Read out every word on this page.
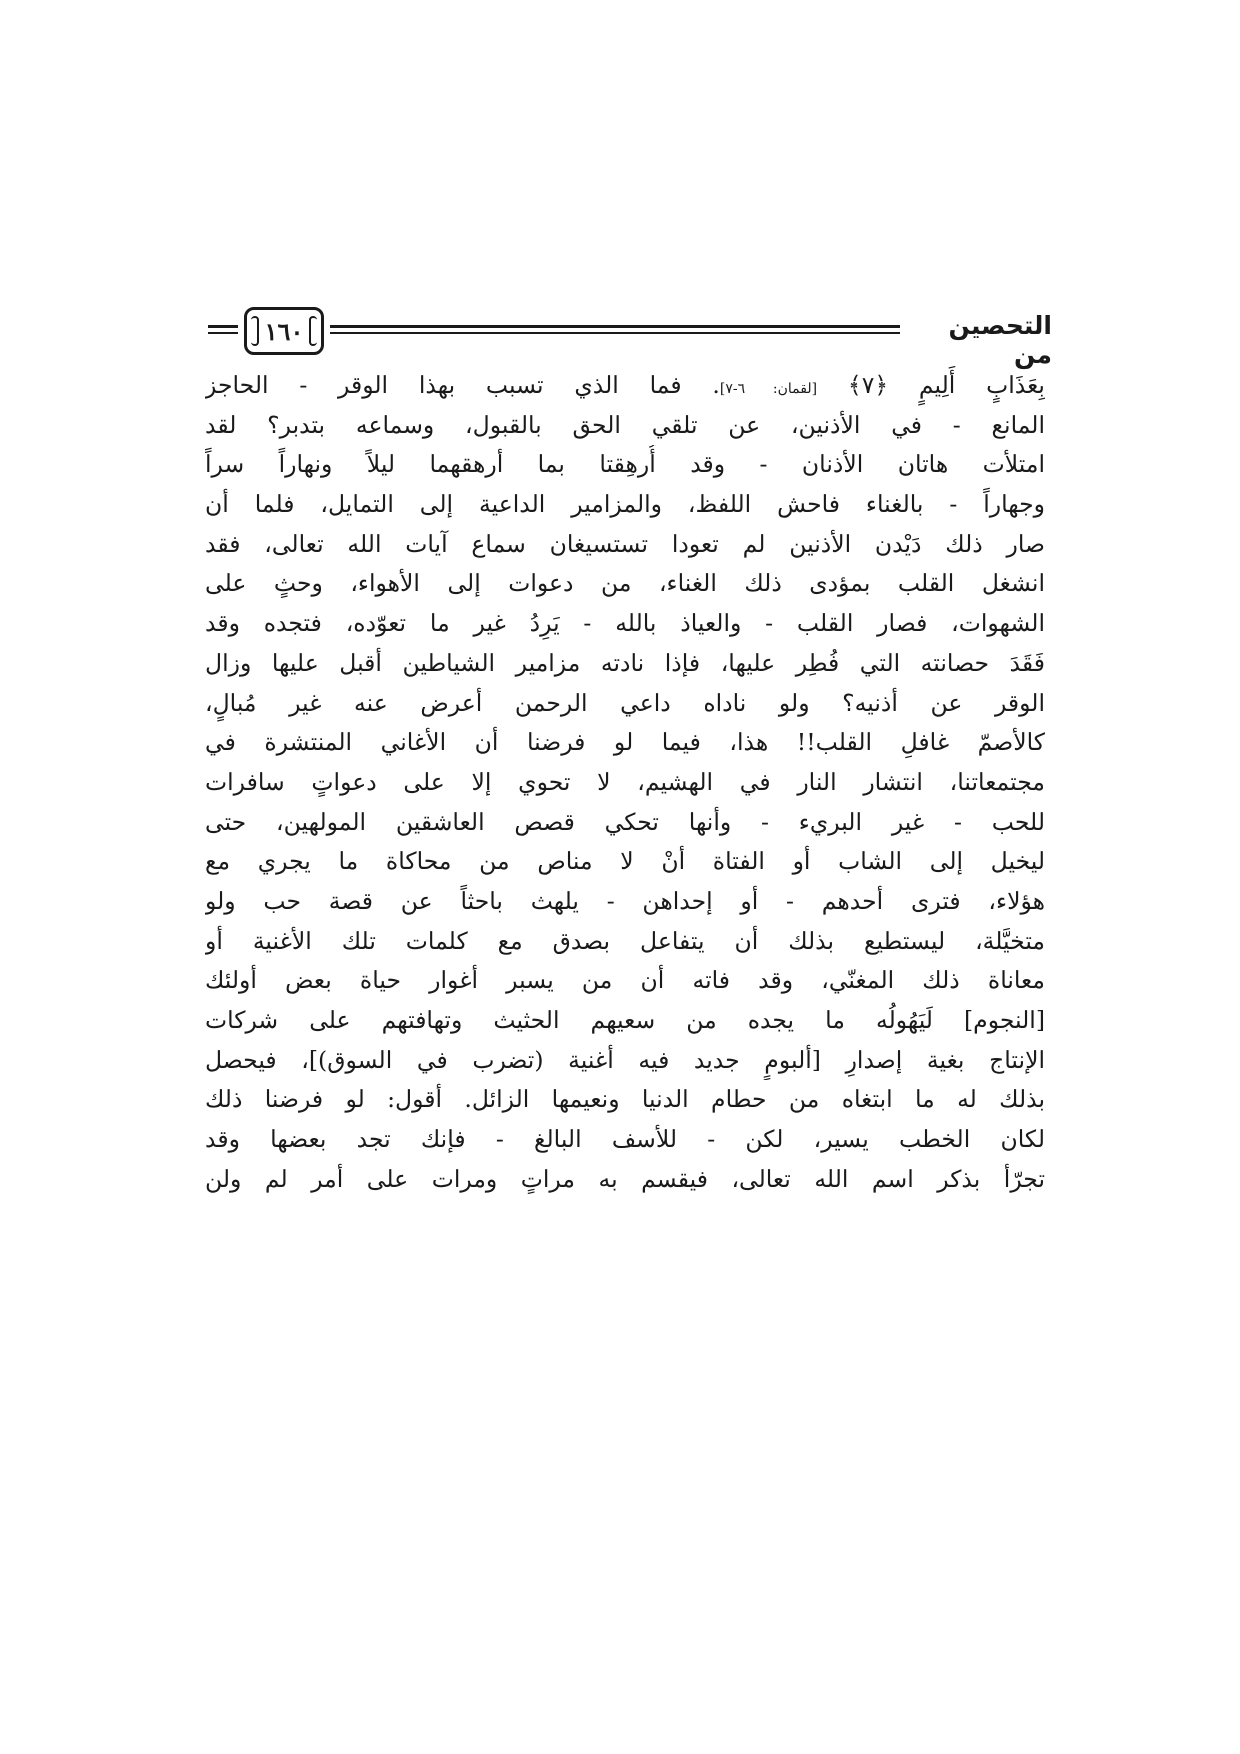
١٦٠	التحصين من
بِعَذَابٍ أَلِيمٍ ﴿٧﴾ [لقمان: ٦-٧]. فما الذي تسبب بهذا الوقر - الحاجز
المانع - في الأذنين، عن تلقي الحق بالقبول، وسماعه بتدبر؟ لقد
امتلأت هاتان الأذنان - وقد أُرهِقتا بما أرهقهما ليلاً ونهاراً سراً
وجهاراً - بالغناء فاحش اللفظ، والمزامير الداعية إلى التمايل، فلما أن
صار ذلك دَيْدن الأذنين لم تعودا تستسيغان سماع آيات الله تعالى، فقد
انشغل القلب بمؤدى ذلك الغناء، من دعوات إلى الأهواء، وحثٍ على
الشهوات، فصار القلب - والعياذ بالله - يَرِدُ غير ما تعوّده، فتجده وقد
فَقَدَ حصانته التي فُطِر عليها، فإذا نادته مزامير الشياطين أقبل عليها وزال
الوقر عن أذنيه؟ ولو ناداه داعي الرحمن أعرض عنه غير مُبالٍ،
كالأصمّ غافلِ القلب!! هذا، فيما لو فرضنا أن الأغاني المنتشرة في
مجتمعاتنا، انتشار النار في الهشيم، لا تحوي إلا على دعواتٍ سافرات
للحب - غير البريء - وأنها تحكي قصص العاشقين المولهين، حتى
ليخيل إلى الشاب أو الفتاة أنْ لا مناص من محاكاة ما يجري مع
هؤلاء، فترى أحدهم - أو إحداهن - يلهث باحثاً عن قصة حب ولو
متخيَّلة، ليستطيع بذلك أن يتفاعل بصدق مع كلمات تلك الأغنية أو
معاناة ذلك المغنّي، وقد فاته أن من يسبر أغوار حياة بعض أولئك
[النجوم] لَيَهُولُه ما يجده من سعيهم الحثيث وتهافتهم على شركات
الإنتاج بغية إصدارِ [ألبومٍ جديد فيه أغنية (تضرب في السوق)]، فيحصل
بذلك له ما ابتغاه من حطام الدنيا ونعيمها الزائل. أقول: لو فرضنا ذلك
لكان الخطب يسير، لكن - للأسف البالغ - فإنك تجد بعضها وقد
تجرّأ بذكر اسم الله تعالى، فيقسم به مراتٍ ومرات على أمر لم ولن
